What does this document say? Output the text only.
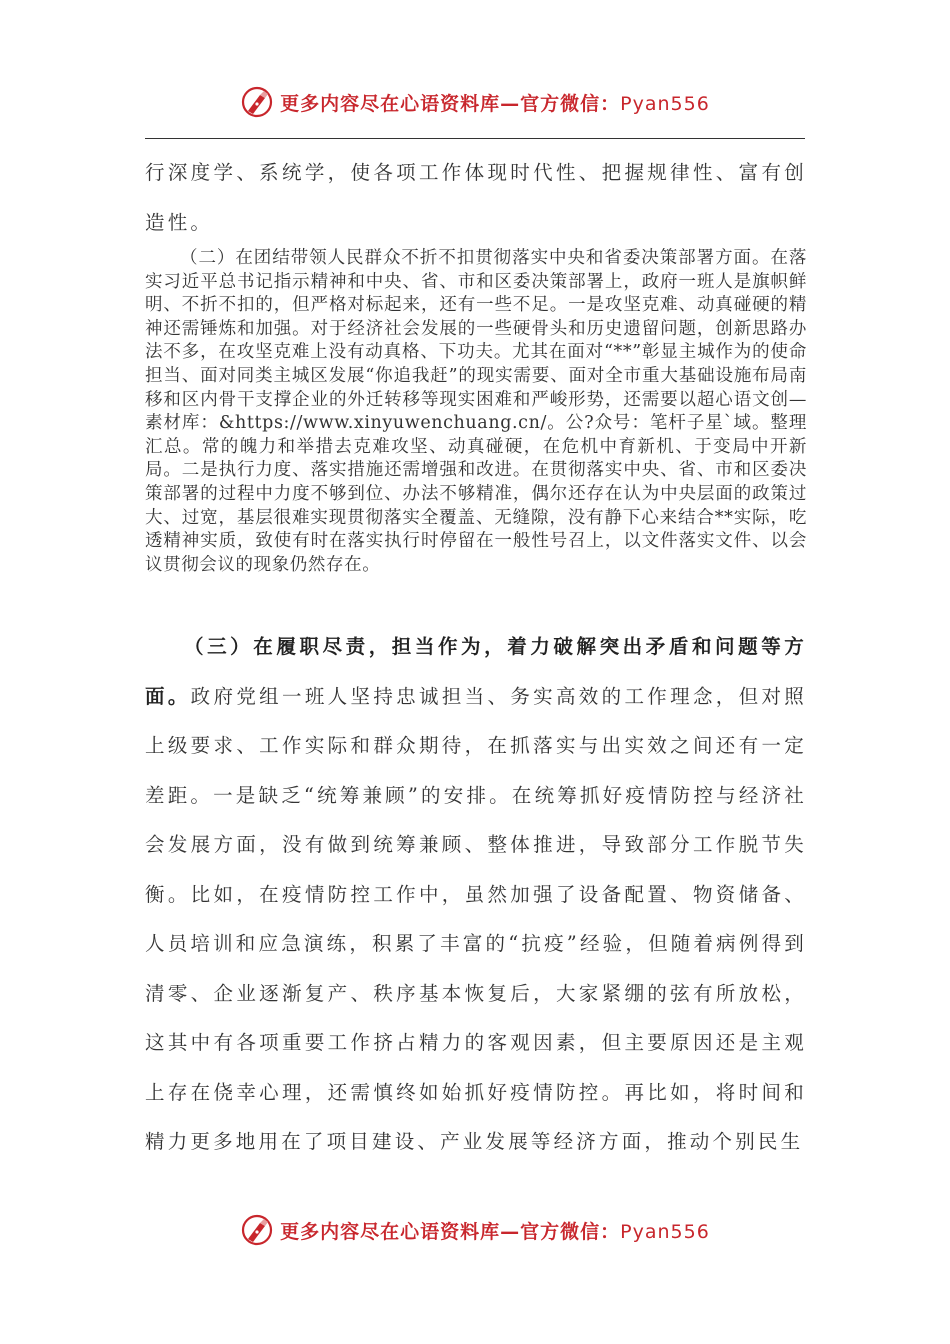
更多内容尽在心语资料库—官方微信：Pyan556

行深度学、系统学，使各项工作体现时代性、把握规律性、富有创造性。

（二）在团结带领人民群众不折不扣贯彻落实中央和省委决策部署方面。在落实习近平总书记指示精神和中央、省、市和区委决策部署上，政府一班人是旗帜鲜明、不折不扣的，但严格对标起来，还有一些不足。一是攻坚克难、动真碰硬的精神还需锤炼和加强。对于经济社会发展的一些硬骨头和历史遗留问题，创新思路办法不多，在攻坚克难上没有动真格、下功夫。尤其在面对“**”彰显主城作为的使命担当、面对同类主城区发展“你追我赶”的现实需要、面对全市重大基础设施布局南移和区内骨干支撑企业的外迁转移等现实困难和严峻形势，还需要以超心语文创—素材库：&https://www.xinyuwenchuang.cn/。公?众号：笔杆子星`域。整理汇总。常的魄力和举措去克难攻坚、动真碰硬，在危机中育新机、于变局中开新局。二是执行力度、落实措施还需增强和改进。在贯彻落实中央、省、市和区委决策部署的过程中力度不够到位、办法不够精准，偶尔还存在认为中央层面的政策过大、过宽，基层很难实现贯彻落实全覆盖、无缝隙，没有静下心来结合**实际，吃透精神实质，致使有时在落实执行时停留在一般性号召上，以文件落实文件、以会议贯彻会议的现象仍然存在。

（三）在履职尽责，担当作为，着力破解突出矛盾和问题等方面。政府党组一班人坚持忠诚担当、务实高效的工作理念，但对照上级要求、工作实际和群众期待，在抓落实与出实效之间还有一定差距。一是缺乏“统筹兼顾”的安排。在统筹抓好疫情防控与经济社会发展方面，没有做到统筹兼顾、整体推进，导致部分工作脱节失衡。比如，在疫情防控工作中，虽然加强了设备配置、物资储备、人员培训和应急演练，积累了丰富的“抗疫”经验，但随着病例得到清零、企业逐渐复产、秩序基本恢复后，大家紧绷的弦有所放松，这其中有各项重要工作挤占精力的客观因素，但主要原因还是主观上存在侥幸心理，还需慎终如始抓好疫情防控。再比如，将时间和精力更多地用在了项目建设、产业发展等经济方面，推动个别民生

更多内容尽在心语资料库—官方微信：Pyan556
